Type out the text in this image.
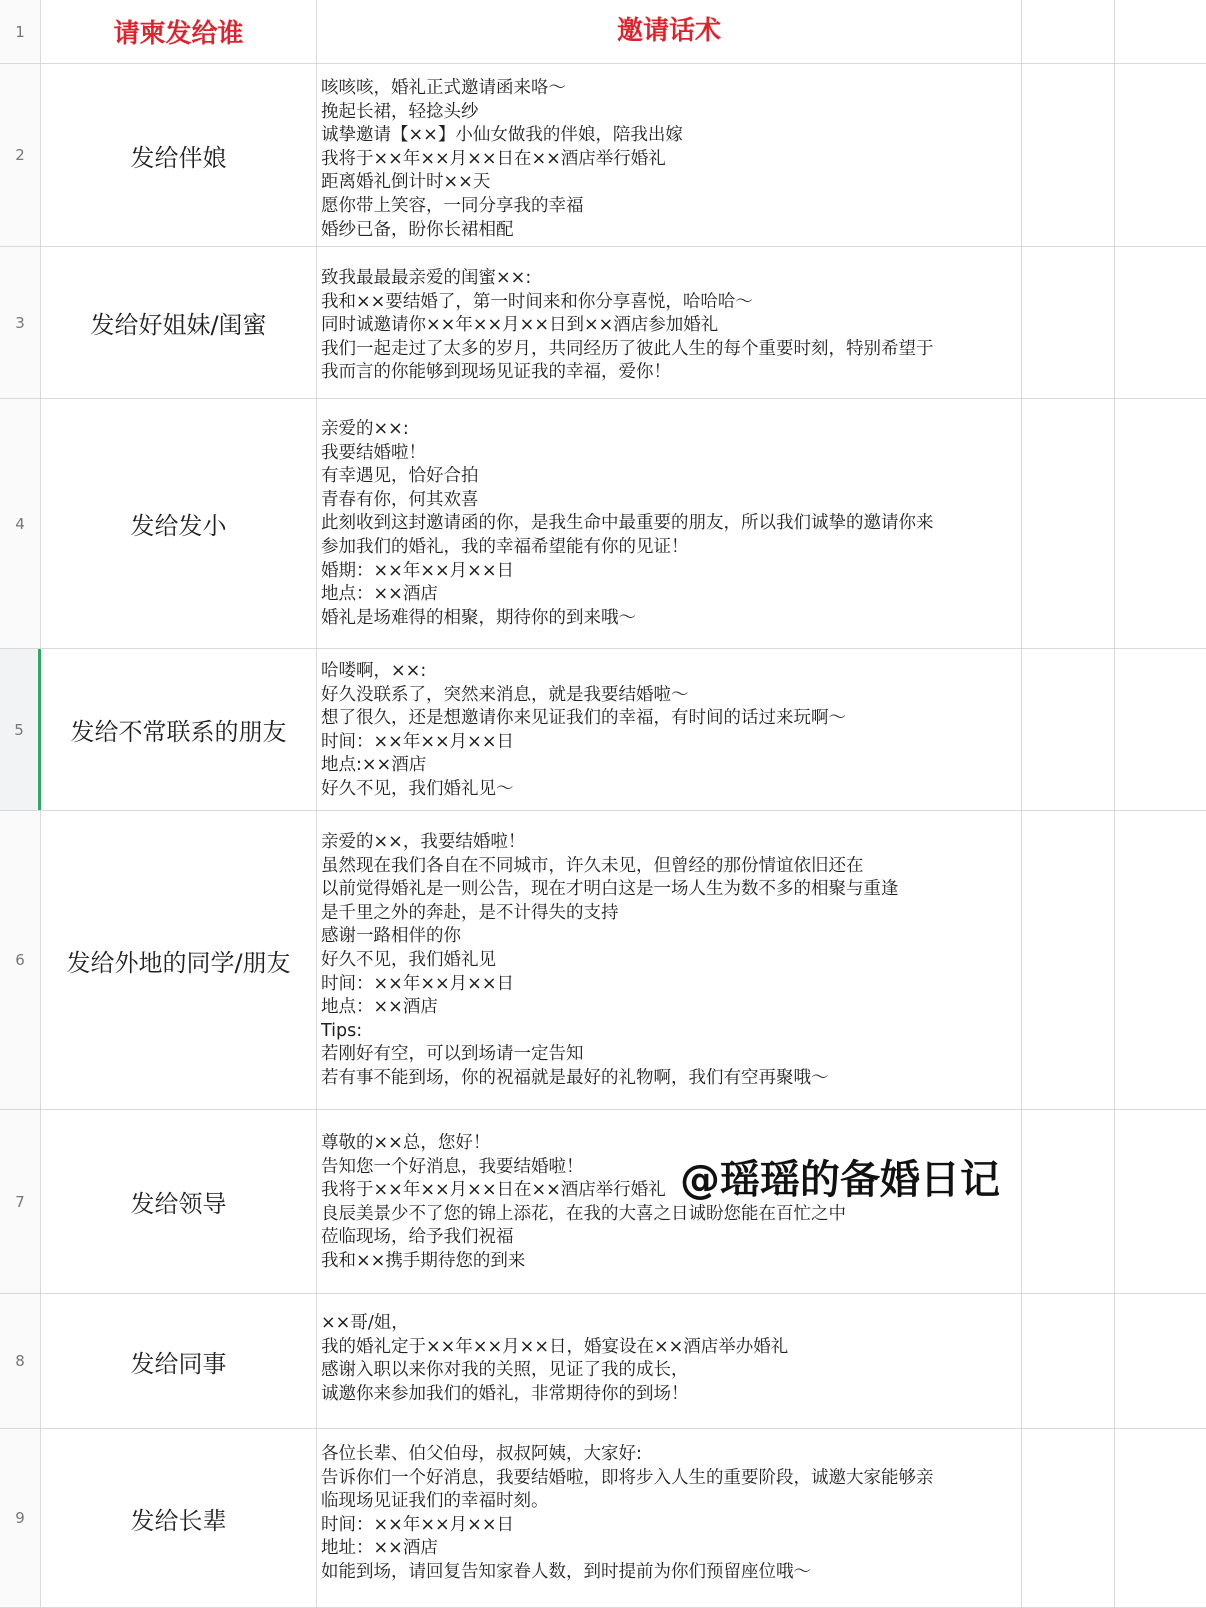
1	请柬发给谁	邀请话术
2	发给伴娘
咳咳咳，婚礼正式邀请函来咯～
挽起长裙，轻捻头纱
诚挚邀请【××】小仙女做我的伴娘，陪我出嫁
我将于××年××月××日在××酒店举行婚礼
距离婚礼倒计时××天
愿你带上笑容，一同分享我的幸福
婚纱已备，盼你长裙相配
3	发给好姐妹/闺蜜
致我最最最亲爱的闺蜜××:
我和××要结婚了，第一时间来和你分享喜悦，哈哈哈～
同时诚邀请你××年××月××日到××酒店参加婚礼
我们一起走过了太多的岁月，共同经历了彼此人生的每个重要时刻，特别希望于
我而言的你能够到现场见证我的幸福，爱你！
4	发给发小
亲爱的××:
我要结婚啦！
有幸遇见，恰好合拍
青春有你，何其欢喜
此刻收到这封邀请函的你，是我生命中最重要的朋友，所以我们诚挚的邀请你来
参加我们的婚礼，我的幸福希望能有你的见证！
婚期：××年××月××日
地点：××酒店
婚礼是场难得的相聚，期待你的到来哦～
5	发给不常联系的朋友
哈喽啊，××:
好久没联系了，突然来消息，就是我要结婚啦～
想了很久，还是想邀请你来见证我们的幸福，有时间的话过来玩啊～
时间：××年××月××日
地点:××酒店
好久不见，我们婚礼见～
6	发给外地的同学/朋友
亲爱的××，我要结婚啦！
虽然现在我们各自在不同城市，许久未见，但曾经的那份情谊依旧还在
以前觉得婚礼是一则公告，现在才明白这是一场人生为数不多的相聚与重逢
是千里之外的奔赴，是不计得失的支持
感谢一路相伴的你
好久不见，我们婚礼见
时间：××年××月××日
地点：××酒店
Tips:
若刚好有空，可以到场请一定告知
若有事不能到场，你的祝福就是最好的礼物啊，我们有空再聚哦～
7	发给领导
尊敬的××总，您好！
告知您一个好消息，我要结婚啦！
我将于××年××月××日在××酒店举行婚礼
良辰美景少不了您的锦上添花，在我的大喜之日诚盼您能在百忙之中
莅临现场，给予我们祝福
我和××携手期待您的到来
8	发给同事
××哥/姐，
我的婚礼定于××年××月××日，婚宴设在××酒店举办婚礼
感谢入职以来你对我的关照，见证了我的成长，
诚邀你来参加我们的婚礼，非常期待你的到场！
9	发给长辈
各位长辈、伯父伯母，叔叔阿姨，大家好:
告诉你们一个好消息，我要结婚啦，即将步入人生的重要阶段，诚邀大家能够亲
临现场见证我们的幸福时刻。
时间：××年××月××日
地址：××酒店
如能到场，请回复告知家眷人数，到时提前为你们预留座位哦～
@瑶瑶的备婚日记
